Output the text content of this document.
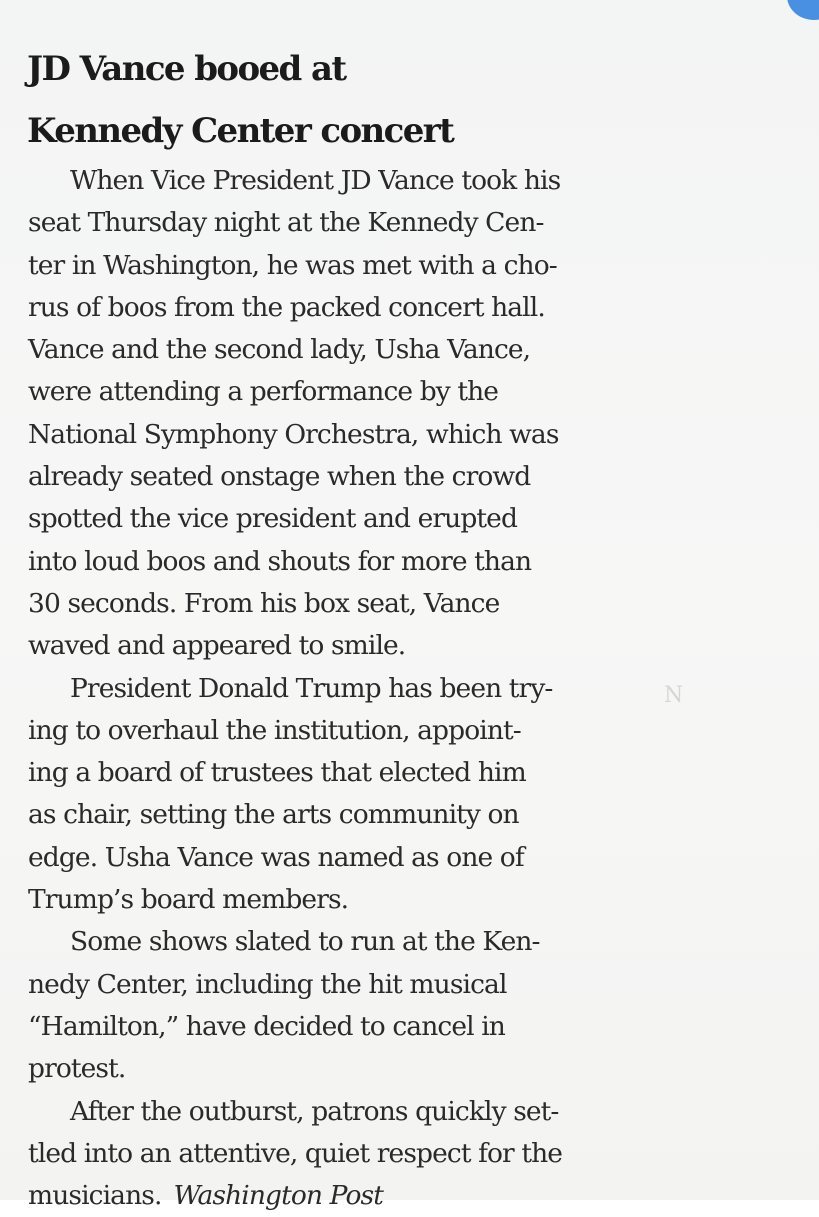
JD Vance booed at
Kennedy Center concert

When Vice President JD Vance took his
seat Thursday night at the Kennedy Cen-
ter in Washington, he was met with a cho-
rus of boos from the packed concert hall.
Vance and the second lady, Usha Vance,
were attending a performance by the
National Symphony Orchestra, which was
already seated onstage when the crowd
spotted the vice president and erupted
into loud boos and shouts for more than
30 seconds. From his box seat, Vance
waved and appeared to smile.

President Donald Trump has been try-
ing to overhaul the institution, appoint-
ing a board of trustees that elected him
as chair, setting the arts community on
edge. Usha Vance was named as one of
Trump’s board members.

Some shows slated to run at the Ken-
nedy Center, including the hit musical
“Hamilton,” have decided to cancel in
protest.

After the outburst, patrons quickly set-
tled into an attentive, quiet respect for the
musicians. Washington Post

N
